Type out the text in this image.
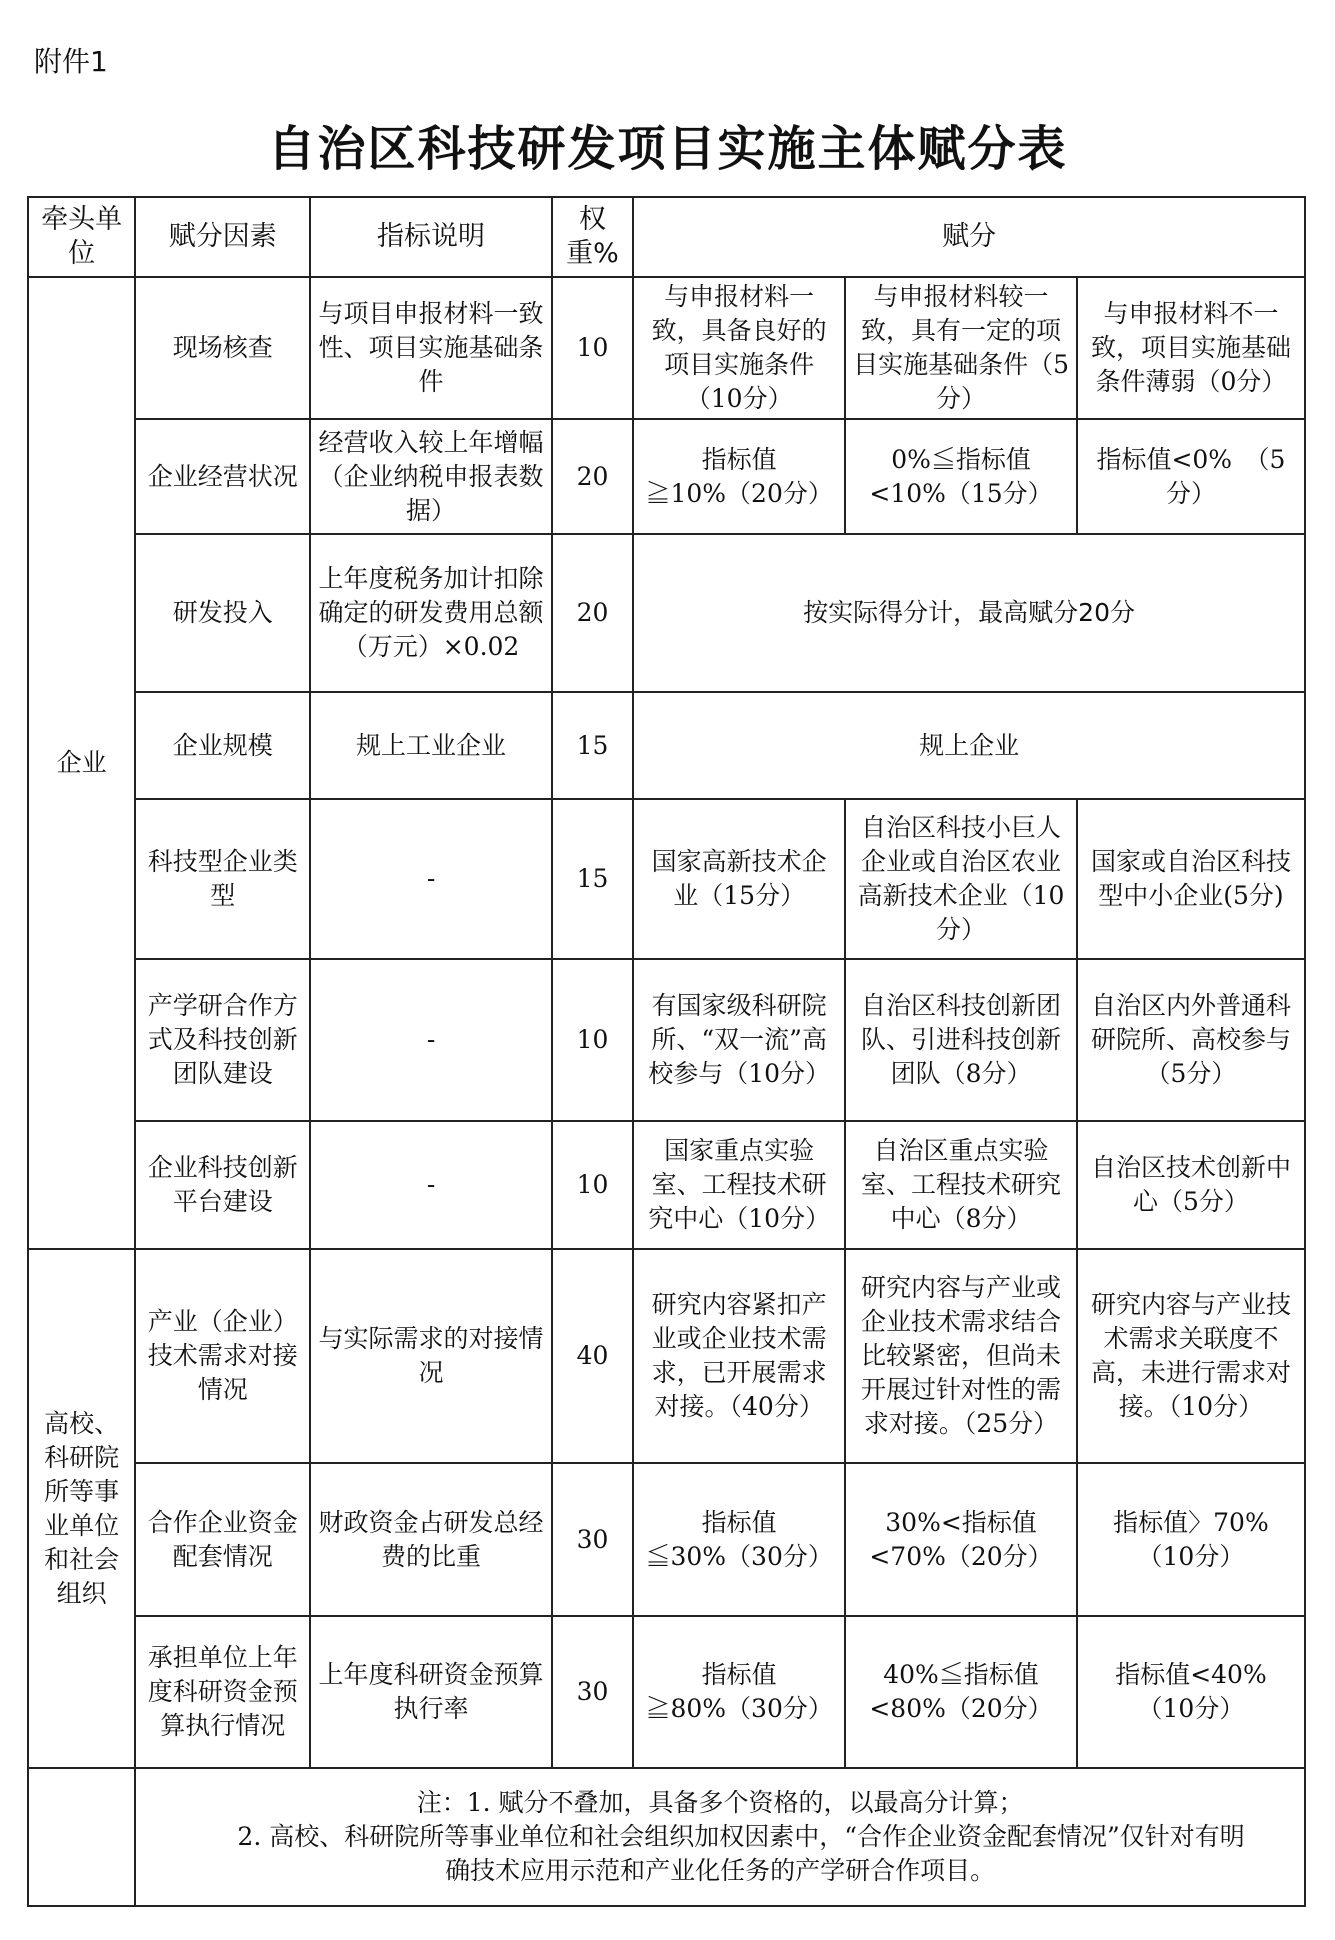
附件1
自治区科技研发项目实施主体赋分表
牵头单位	赋分因素	指标说明	权重%	赋分		
企业	现场核查	与项目申报材料一致性、项目实施基础条件	10	与申报材料一致，具备良好的项目实施条件（10分）	与申报材料较一致，具有一定的项目实施基础条件（5分）	与申报材料不一致，项目实施基础条件薄弱（0分）
	企业经营状况	经营收入较上年增幅（企业纳税申报表数据）	20	指标值≧10%（20分）	0%≦指标值<10%（15分）	指标值<0%　（5分）
	研发投入	上年度税务加计扣除确定的研发费用总额（万元）×0.02	20	按实际得分计，最高赋分20分		
	企业规模	规上工业企业	15	规上企业		
	科技型企业类型	-	15	国家高新技术企业（15分）	自治区科技小巨人企业或自治区农业高新技术企业（10分）	国家或自治区科技型中小企业(5分)
	产学研合作方式及科技创新团队建设	-	10	有国家级科研院所、“双一流”高校参与（10分）	自治区科技创新团队、引进科技创新团队（8分）	自治区内外普通科研院所、高校参与（5分）
	企业科技创新平台建设	-	10	国家重点实验室、工程技术研究中心（10分）	自治区重点实验室、工程技术研究中心（8分）	自治区技术创新中心（5分）
高校、科研院所等事业单位和社会组织	产业（企业）技术需求对接情况	与实际需求的对接情况	40	研究内容紧扣产业或企业技术需求，已开展需求对接。（40分）	研究内容与产业或企业技术需求结合比较紧密，但尚未开展过针对性的需求对接。（25分）	研究内容与产业技术需求关联度不高，未进行需求对接。（10分）
	合作企业资金配套情况	财政资金占研发总经费的比重	30	指标值≦30%（30分）	30%<指标值<70%（20分）	指标值〉70%　（10分）
	承担单位上年度科研资金预算执行情况	上年度科研资金预算执行率	30	指标值≧80%（30分）	40%≦指标值<80%（20分）	指标值<40%　（10分）

	注：1. 赋分不叠加，具备多个资格的，以最高分计算；
2. 高校、科研院所等事业单位和社会组织加权因素中，“合作企业资金配套情况”仅针对有明
确技术应用示范和产业化任务的产学研合作项目。					
